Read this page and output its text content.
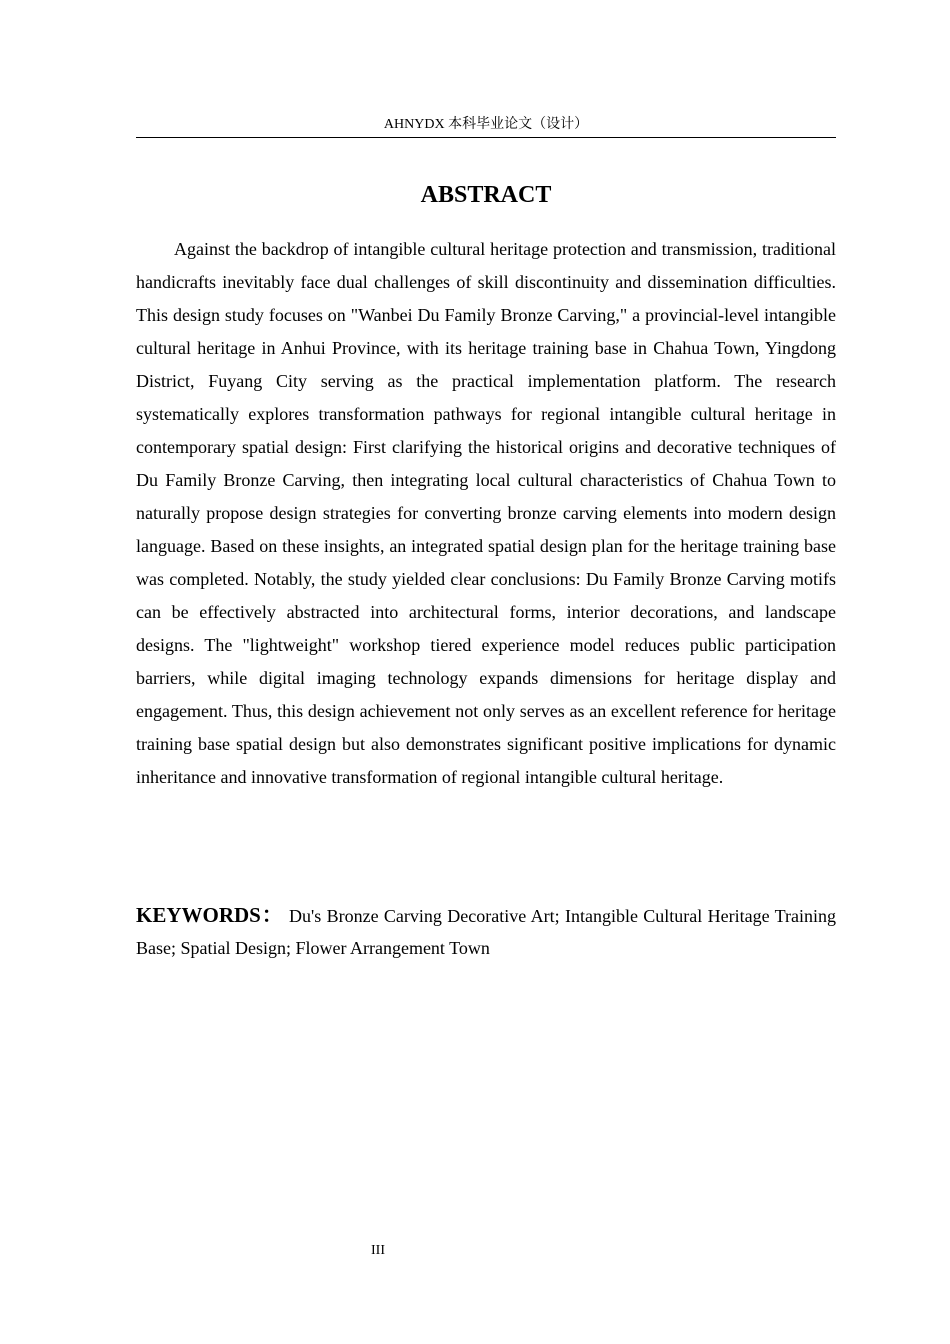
AHNYDX 本科毕业论文（设计）
ABSTRACT

Against the backdrop of intangible cultural heritage protection and transmission, traditional handicrafts inevitably face dual challenges of skill discontinuity and dissemination difficulties. This design study focuses on "Wanbei Du Family Bronze Carving," a provincial-level intangible cultural heritage in Anhui Province, with its heritage training base in Chahua Town, Yingdong District, Fuyang City serving as the practical implementation platform. The research systematically explores transformation pathways for regional intangible cultural heritage in contemporary spatial design: First clarifying the historical origins and decorative techniques of Du Family Bronze Carving, then integrating local cultural characteristics of Chahua Town to naturally propose design strategies for converting bronze carving elements into modern design language. Based on these insights, an integrated spatial design plan for the heritage training base was completed. Notably, the study yielded clear conclusions: Du Family Bronze Carving motifs can be effectively abstracted into architectural forms, interior decorations, and landscape designs. The "lightweight" workshop tiered experience model reduces public participation barriers, while digital imaging technology expands dimensions for heritage display and engagement. Thus, this design achievement not only serves as an excellent reference for heritage training base spatial design but also demonstrates significant positive implications for dynamic inheritance and innovative transformation of regional intangible cultural heritage.

KEYWORDS： Du's Bronze Carving Decorative Art; Intangible Cultural Heritage Training Base; Spatial Design; Flower Arrangement Town

III
